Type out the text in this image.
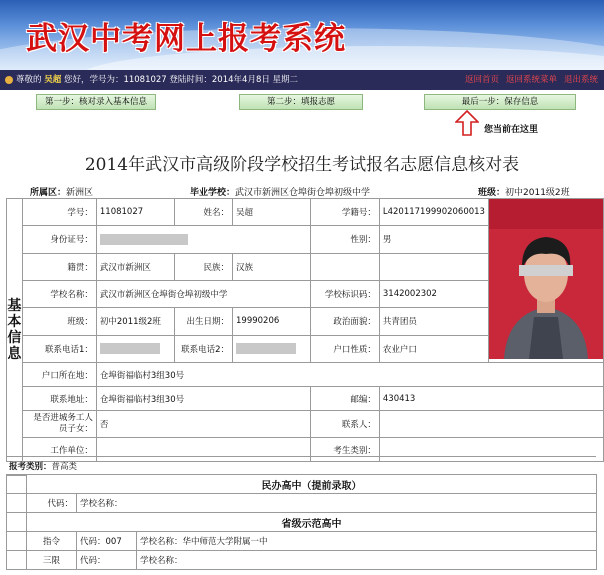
武汉中考网上报考系统
尊敬的 吴超 您好，学号为：11081027 登陆时间：2014年4月8日 星期二	返回首页 返回系统菜单 退出系统
第一步：核对录入基本信息	第二步：填报志愿	最后一步：保存信息
您当前在这里
2014年武汉市高级阶段学校招生考试报名志愿信息核对表
所属区：新洲区	毕业学校：武汉市新洲区仓埠街仓埠初级中学	班级：初中2011级2班
基本信息	学号：	11081027	姓名：	吴超	学籍号：	L420117199902060013	
	身份证号：				性别：	男	
	籍贯：	武汉市新洲区	民族：	汉族			
	学校名称：	武汉市新洲区仓埠街仓埠初级中学			学校标识码：	3142002302	
	班级：	初中2011级2班	出生日期：	19990206	政治面貌：	共青团员	
	联系电话1：		联系电话2：		户口性质：	农业户口	
	户口所在地：	仓埠街福临村3组30号					
	联系地址：	仓埠街福临村3组30号			邮编：	430413	
	是否进城务工人员子女：	否			联系人：		
	工作单位：				考生类别：		
报考类别：普高类
	民办高中（提前录取）	
	代码：	学校名称：
	省级示范高中		
	指令	代码：007	学校名称：华中师范大学附属一中
	三限	代码：	学校名称：
